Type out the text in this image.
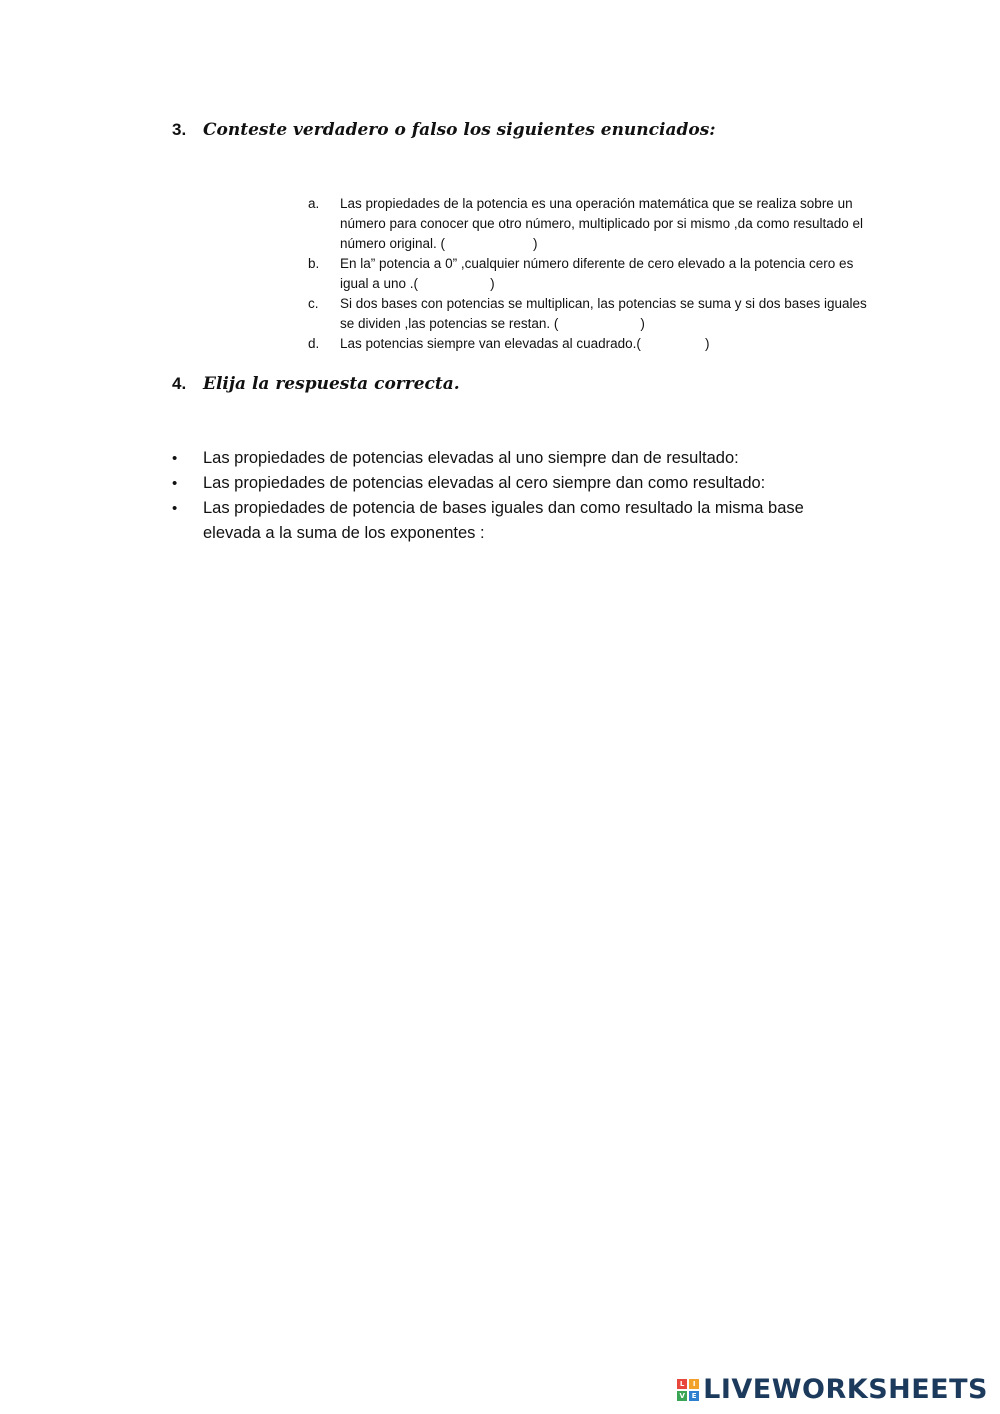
3. Conteste verdadero o falso los siguientes enunciados:
a.	Las propiedades de la potencia es una operación matemática que se realiza sobre un número para conocer que otro número, multiplicado por si mismo ,da como resultado el número original. (	)
b.	En la” potencia a 0” ,cualquier número diferente de cero elevado a la potencia cero es igual a uno .(	)
c.	Si dos bases con potencias se multiplican, las potencias se suma y si dos bases iguales se dividen ,las potencias se restan. (	)
d.	Las potencias siempre van elevadas al cuadrado.(	)
4. Elija la respuesta correcta.
•	Las propiedades de potencias elevadas al uno siempre dan de resultado:
•	Las propiedades de potencias elevadas al cero siempre dan como resultado:
•	Las propiedades de potencia de bases iguales dan como resultado la misma base elevada a la suma de los exponentes :
L	I
V E LIVEWORKSHEETS
